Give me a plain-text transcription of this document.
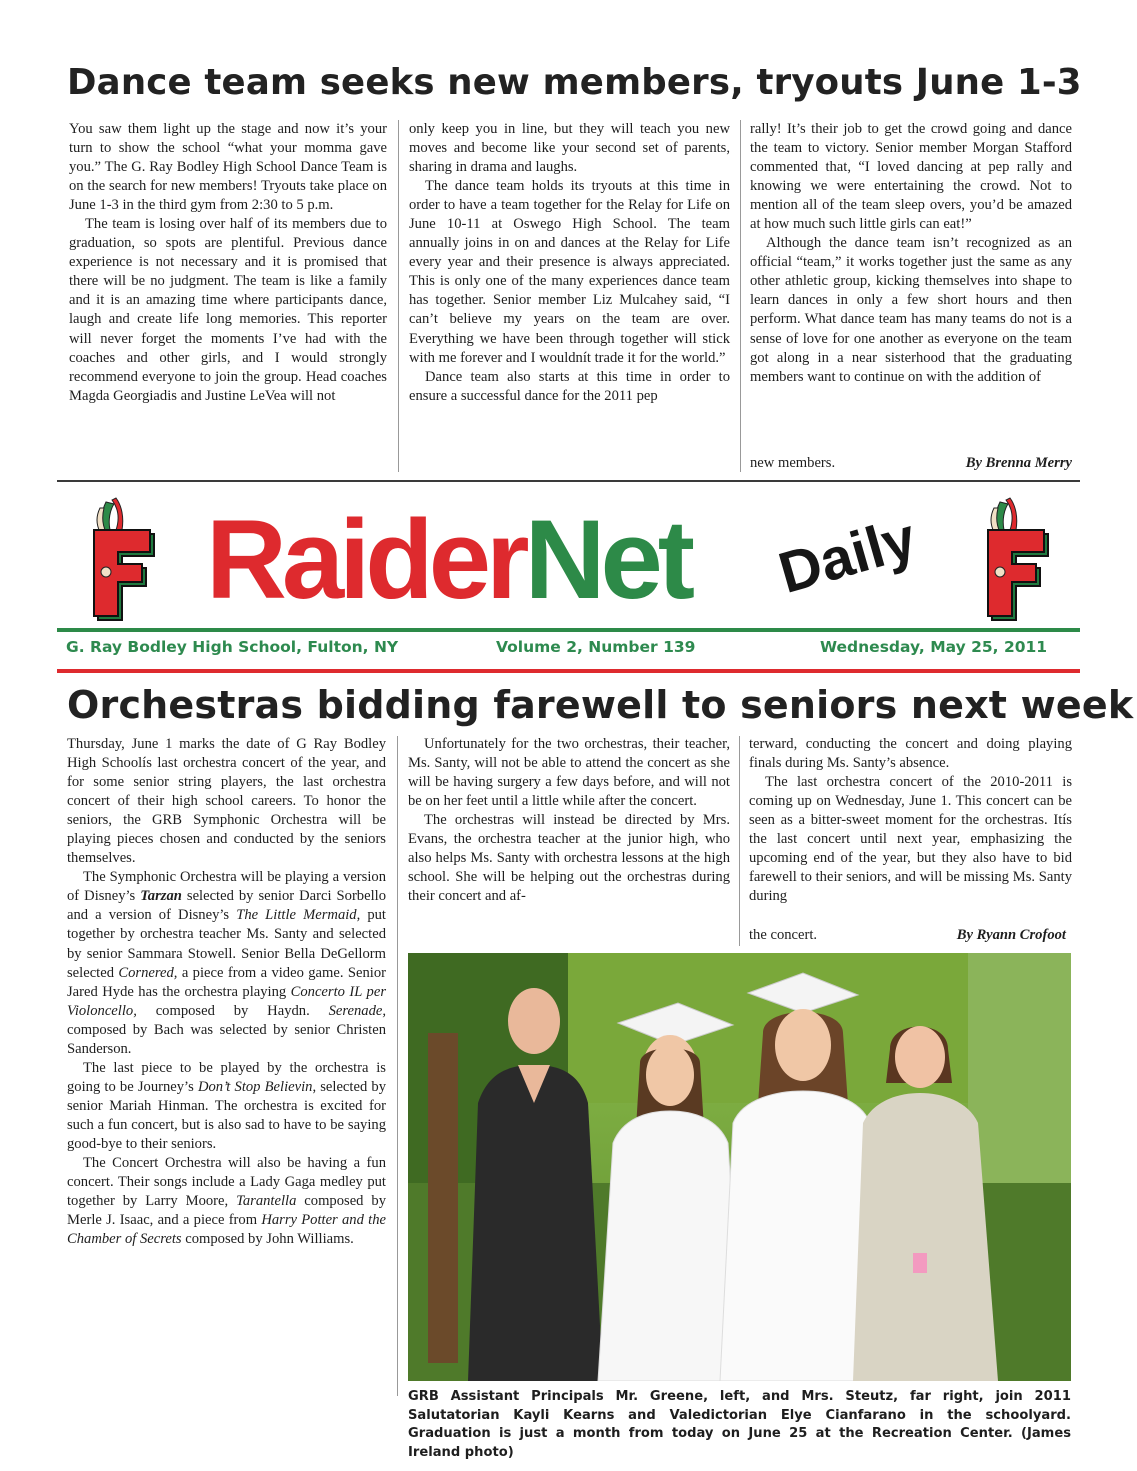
Dance team seeks new members, tryouts June 1-3

You saw them light up the stage and now it’s your turn to show the school “what your momma gave you.” The G. Ray Bodley High School Dance Team is on the search for new members! Tryouts take place on June 1-3 in the third gym from 2:30 to 5 p.m.

The team is losing over half of its members due to graduation, so spots are plentiful. Previous dance experience is not necessary and it is promised that there will be no judgment. The team is like a family and it is an amazing time where participants dance, laugh and create life long memories. This reporter will never forget the moments I’ve had with the coaches and other girls, and I would strongly recommend everyone to join the group. Head coaches Magda Georgiadis and Justine LeVea will not

only keep you in line, but they will teach you new moves and become like your second set of parents, sharing in drama and laughs.

The dance team holds its tryouts at this time in order to have a team together for the Relay for Life on June 10-11 at Oswego High School. The team annually joins in on and dances at the Relay for Life every year and their presence is always appreciated. This is only one of the many experiences dance team has together. Senior member Liz Mulcahey said, “I can’t believe my years on the team are over. Everything we have been through together will stick with me forever and I wouldnít trade it for the world.”

Dance team also starts at this time in order to ensure a successful dance for the 2011 pep

rally! It’s their job to get the crowd going and dance the team to victory. Senior member Morgan Stafford commented that, “I loved dancing at pep rally and knowing we were entertaining the crowd. Not to mention all of the team sleep overs, you’d be amazed at how much such little girls can eat!”

Although the dance team isn’t recognized as an official “team,” it works together just the same as any other athletic group, kicking themselves into shape to learn dances in only a few short hours and then perform. What dance team has many teams do not is a sense of love for one another as everyone on the team got along in a near sisterhood that the graduating members want to continue on with the addition of

new members.	By Brenna Merry
RaiderNet Daily
G. Ray Bodley High School, Fulton, NY	Volume 2, Number 139	Wednesday, May 25, 2011
Orchestras bidding farewell to seniors next week

Thursday, June 1 marks the date of G Ray Bodley High Schoolís last orchestra concert of the year, and for some senior string players, the last orchestra concert of their high school careers. To honor the seniors, the GRB Symphonic Orchestra will be playing pieces chosen and conducted by the seniors themselves.

The Symphonic Orchestra will be playing a version of Disney’s Tarzan selected by senior Darci Sorbello and a version of Disney’s The Little Mermaid, put together by orchestra teacher Ms. Santy and selected by senior Sammara Stowell. Senior Bella DeGellorm selected Cornered, a piece from a video game. Senior Jared Hyde has the orchestra playing Concerto IL per Violoncello, composed by Haydn. Serenade, composed by Bach was selected by senior Christen Sanderson.

The last piece to be played by the orchestra is going to be Journey’s Don’t Stop Believin, selected by senior Mariah Hinman. The orchestra is excited for such a fun concert, but is also sad to have to be saying good-bye to their seniors.

The Concert Orchestra will also be having a fun concert. Their songs include a Lady Gaga medley put together by Larry Moore, Tarantella composed by Merle J. Isaac, and a piece from Harry Potter and the Chamber of Secrets composed by John Williams.

Unfortunately for the two orchestras, their teacher, Ms. Santy, will not be able to attend the concert as she will be having surgery a few days before, and will not be on her feet until a little while after the concert.

The orchestras will instead be directed by Mrs. Evans, the orchestra teacher at the junior high, who also helps Ms. Santy with orchestra lessons at the high school. She will be helping out the orchestras during their concert and af-

terward, conducting the concert and doing playing finals during Ms. Santy’s absence.

The last orchestra concert of the 2010-2011 is coming up on Wednesday, June 1. This concert can be seen as a bitter-sweet moment for the orchestras. Itís the last concert until next year, emphasizing the upcoming end of the year, but they also have to bid farewell to their seniors, and will be missing Ms. Santy during

the concert.	By Ryann Crofoot
GRB Assistant Principals Mr. Greene, left, and Mrs. Steutz, far right, join 2011 Salutatorian Kayli Kearns and Valedictorian Elye Cianfarano in the schoolyard. Graduation is just a month from today on June 25 at the Recreation Center. (James Ireland photo)
